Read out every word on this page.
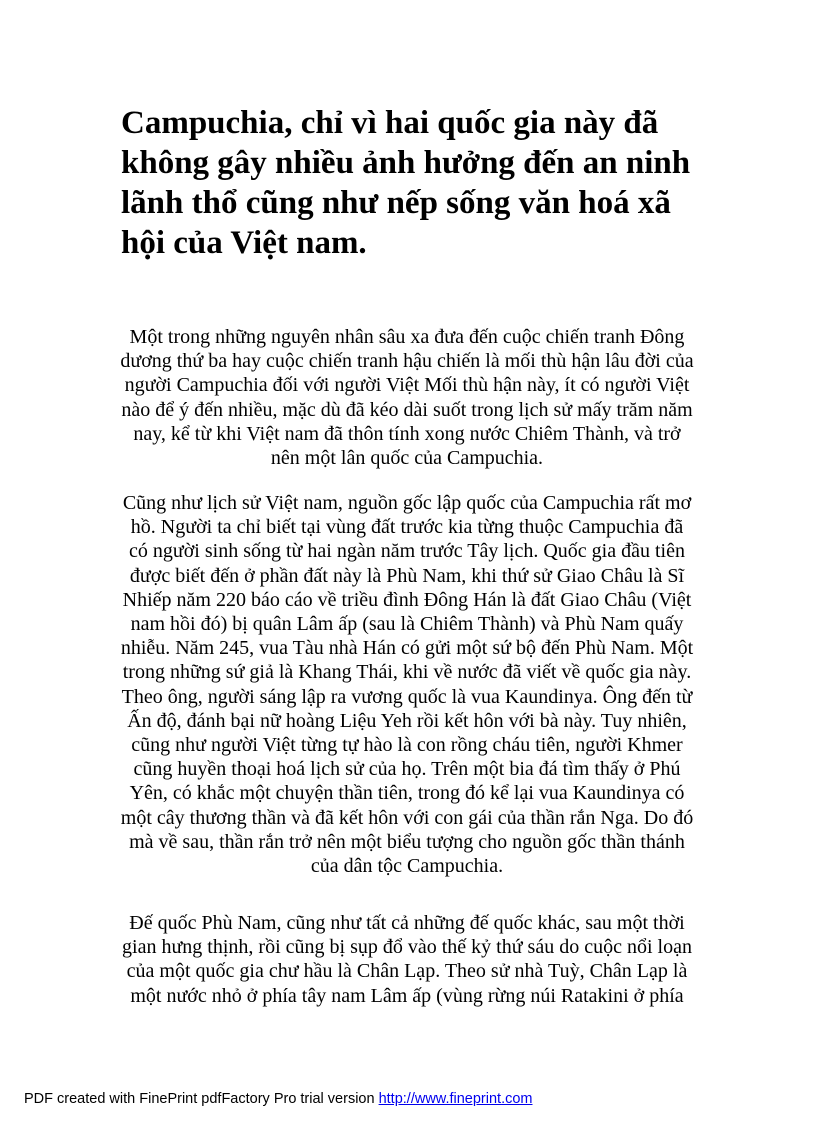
Campuchia, chỉ vì hai quốc gia này đã
không gây nhiều ảnh hưởng đến an ninh
lãnh thổ cũng như nếp sống văn hoá xã
hội của Việt nam.

Một trong những nguyên nhân sâu xa đưa đến cuộc chiến tranh Đông
dương thứ ba hay cuộc chiến tranh hậu chiến là mối thù hận lâu đời của
người Campuchia đối với người Việt Mối thù hận này, ít có người Việt
nào để ý đến nhiều, mặc dù đã kéo dài suốt trong lịch sử mấy trăm năm
nay, kể từ khi Việt nam đã thôn tính xong nước Chiêm Thành, và trở
nên một lân quốc của Campuchia.

Cũng như lịch sử Việt nam, nguồn gốc lập quốc của Campuchia rất mơ
hồ. Người ta chỉ biết tại vùng đất trước kia từng thuộc Campuchia đã
có người sinh sống từ hai ngàn năm trước Tây lịch. Quốc gia đầu tiên
được biết đến ở phần đất này là Phù Nam, khi thứ sử Giao Châu là Sĩ
Nhiếp năm 220 báo cáo về triều đình Đông Hán là đất Giao Châu (Việt
nam hồi đó) bị quân Lâm ấp (sau là Chiêm Thành) và Phù Nam quấy
nhiễu. Năm 245, vua Tàu nhà Hán có gửi một sứ bộ đến Phù Nam. Một
trong những sứ giả là Khang Thái, khi về nước đã viết về quốc gia này.
Theo ông, người sáng lập ra vương quốc là vua Kaundinya. Ông đến từ
Ấn độ, đánh bại nữ hoàng Liệu Yeh rồi kết hôn với bà này. Tuy nhiên,
cũng như người Việt từng tự hào là con rồng cháu tiên, người Khmer
cũng huyền thoại hoá lịch sử của họ. Trên một bia đá tìm thấy ở Phú
Yên, có khắc một chuyện thần tiên, trong đó kể lại vua Kaundinya có
một cây thương thần và đã kết hôn với con gái của thần rắn Nga. Do đó
mà về sau, thần rắn trở nên một biểu tượng cho nguồn gốc thần thánh
của dân tộc Campuchia.

Đế quốc Phù Nam, cũng như tất cả những đế quốc khác, sau một thời
gian hưng thịnh, rồi cũng bị sụp đổ vào thế kỷ thứ sáu do cuộc nổi loạn
của một quốc gia chư hầu là Chân Lạp. Theo sử nhà Tuỳ, Chân Lạp là
một nước nhỏ ở phía tây nam Lâm ấp (vùng rừng núi Ratakini ở phía

PDF created with FinePrint pdfFactory Pro trial version http://www.fineprint.com
